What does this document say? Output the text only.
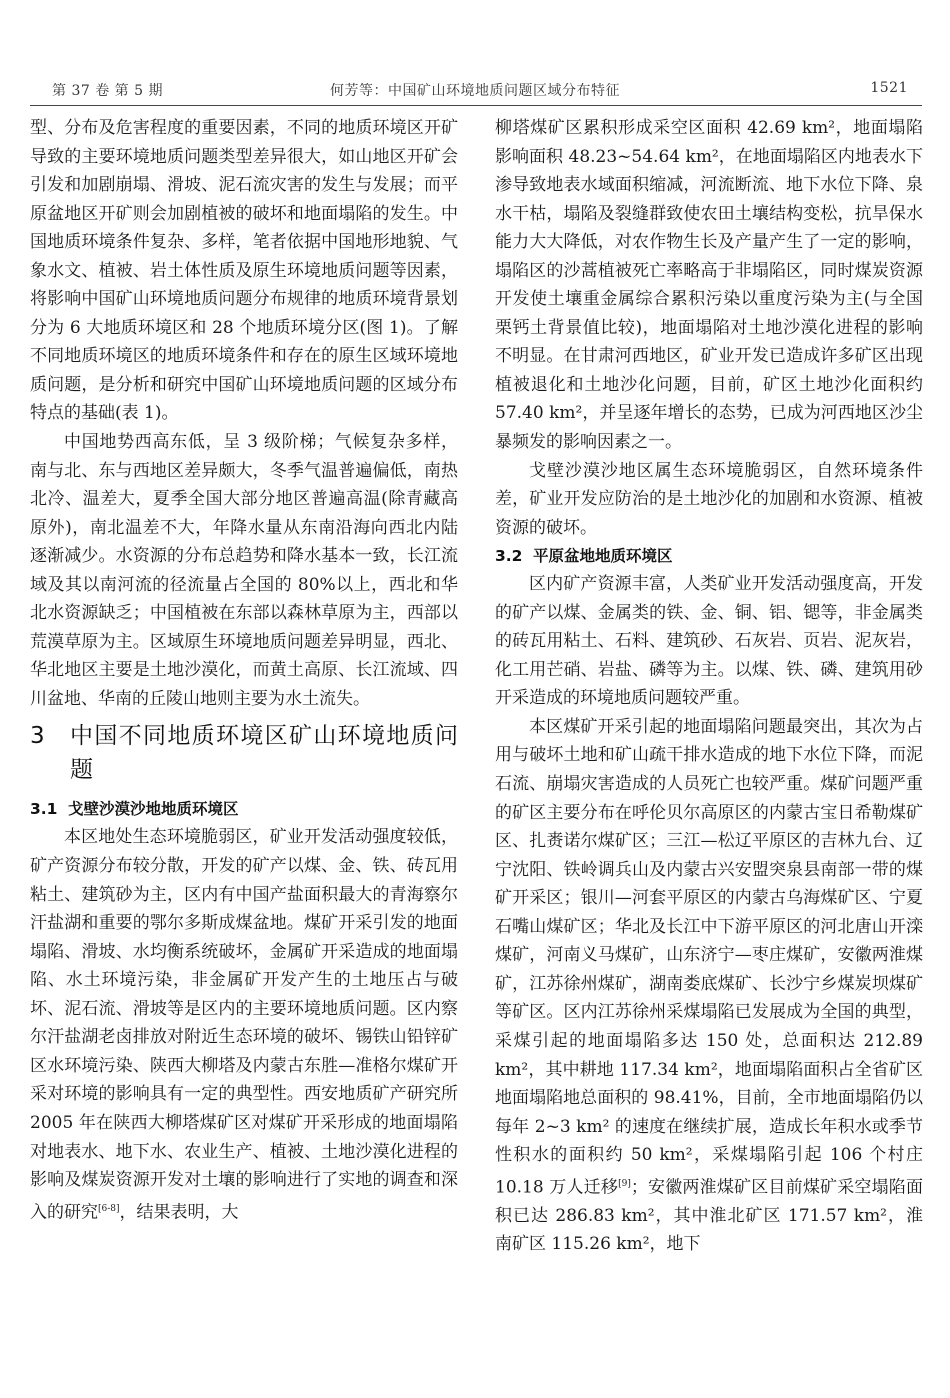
第 37 卷 第 5 期	何芳等：中国矿山环境地质问题区域分布特征	1521

型、分布及危害程度的重要因素，不同的地质环境区开矿导致的主要环境地质问题类型差异很大，如山地区开矿会引发和加剧崩塌、滑坡、泥石流灾害的发生与发展；而平原盆地区开矿则会加剧植被的破坏和地面塌陷的发生。中国地质环境条件复杂、多样，笔者依据中国地形地貌、气象水文、植被、岩土体性质及原生环境地质问题等因素，将影响中国矿山环境地质问题分布规律的地质环境背景划分为 6 大地质环境区和 28 个地质环境分区(图 1)。了解不同地质环境区的地质环境条件和存在的原生区域环境地质问题，是分析和研究中国矿山环境地质问题的区域分布特点的基础(表 1)。

中国地势西高东低，呈 3 级阶梯；气候复杂多样，南与北、东与西地区差异颇大，冬季气温普遍偏低，南热北冷、温差大，夏季全国大部分地区普遍高温(除青藏高原外)，南北温差不大，年降水量从东南沿海向西北内陆逐渐减少。水资源的分布总趋势和降水基本一致，长江流域及其以南河流的径流量占全国的 80%以上，西北和华北水资源缺乏；中国植被在东部以森林草原为主，西部以荒漠草原为主。区域原生环境地质问题差异明显，西北、华北地区主要是土地沙漠化，而黄土高原、长江流域、四川盆地、华南的丘陵山地则主要为水土流失。

3	中国不同地质环境区矿山环境地质问题
3.1 戈壁沙漠沙地地质环境区

本区地处生态环境脆弱区，矿业开发活动强度较低，矿产资源分布较分散，开发的矿产以煤、金、铁、砖瓦用粘土、建筑砂为主，区内有中国产盐面积最大的青海察尔汗盐湖和重要的鄂尔多斯成煤盆地。煤矿开采引发的地面塌陷、滑坡、水均衡系统破坏，金属矿开采造成的地面塌陷、水土环境污染，非金属矿开发产生的土地压占与破坏、泥石流、滑坡等是区内的主要环境地质问题。区内察尔汗盐湖老卤排放对附近生态环境的破坏、锡铁山铅锌矿区水环境污染、陕西大柳塔及内蒙古东胜—准格尔煤矿开采对环境的影响具有一定的典型性。西安地质矿产研究所 2005 年在陕西大柳塔煤矿区对煤矿开采形成的地面塌陷对地表水、地下水、农业生产、植被、土地沙漠化进程的影响及煤炭资源开发对土壤的影响进行了实地的调查和深入的研究[6-8]，结果表明，大

柳塔煤矿区累积形成采空区面积 42.69 km²，地面塌陷影响面积 48.23~54.64 km²，在地面塌陷区内地表水下渗导致地表水域面积缩减，河流断流、地下水位下降、泉水干枯，塌陷及裂缝群致使农田土壤结构变松，抗旱保水能力大大降低，对农作物生长及产量产生了一定的影响，塌陷区的沙蒿植被死亡率略高于非塌陷区，同时煤炭资源开发使土壤重金属综合累积污染以重度污染为主(与全国栗钙土背景值比较)，地面塌陷对土地沙漠化进程的影响不明显。在甘肃河西地区，矿业开发已造成许多矿区出现植被退化和土地沙化问题，目前，矿区土地沙化面积约 57.40 km²，并呈逐年增长的态势，已成为河西地区沙尘暴频发的影响因素之一。

戈壁沙漠沙地区属生态环境脆弱区，自然环境条件差，矿业开发应防治的是土地沙化的加剧和水资源、植被资源的破坏。

3.2 平原盆地地质环境区

区内矿产资源丰富，人类矿业开发活动强度高，开发的矿产以煤、金属类的铁、金、铜、铝、锶等，非金属类的砖瓦用粘土、石料、建筑砂、石灰岩、页岩、泥灰岩，化工用芒硝、岩盐、磷等为主。以煤、铁、磷、建筑用砂开采造成的环境地质问题较严重。

本区煤矿开采引起的地面塌陷问题最突出，其次为占用与破坏土地和矿山疏干排水造成的地下水位下降，而泥石流、崩塌灾害造成的人员死亡也较严重。煤矿问题严重的矿区主要分布在呼伦贝尔高原区的内蒙古宝日希勒煤矿区、扎赉诺尔煤矿区；三江—松辽平原区的吉林九台、辽宁沈阳、铁岭调兵山及内蒙古兴安盟突泉县南部一带的煤矿开采区；银川—河套平原区的内蒙古乌海煤矿区、宁夏石嘴山煤矿区；华北及长江中下游平原区的河北唐山开滦煤矿，河南义马煤矿，山东济宁—枣庄煤矿，安徽两淮煤矿，江苏徐州煤矿，湖南娄底煤矿、长沙宁乡煤炭坝煤矿等矿区。区内江苏徐州采煤塌陷已发展成为全国的典型，采煤引起的地面塌陷多达 150 处，总面积达 212.89 km²，其中耕地 117.34 km²，地面塌陷面积占全省矿区地面塌陷地总面积的 98.41%，目前，全市地面塌陷仍以每年 2~3 km² 的速度在继续扩展，造成长年积水或季节性积水的面积约 50 km²，采煤塌陷引起 106 个村庄 10.18 万人迁移[9]；安徽两淮煤矿区目前煤矿采空塌陷面积已达 286.83 km²，其中淮北矿区 171.57 km²，淮南矿区 115.26 km²，地下
